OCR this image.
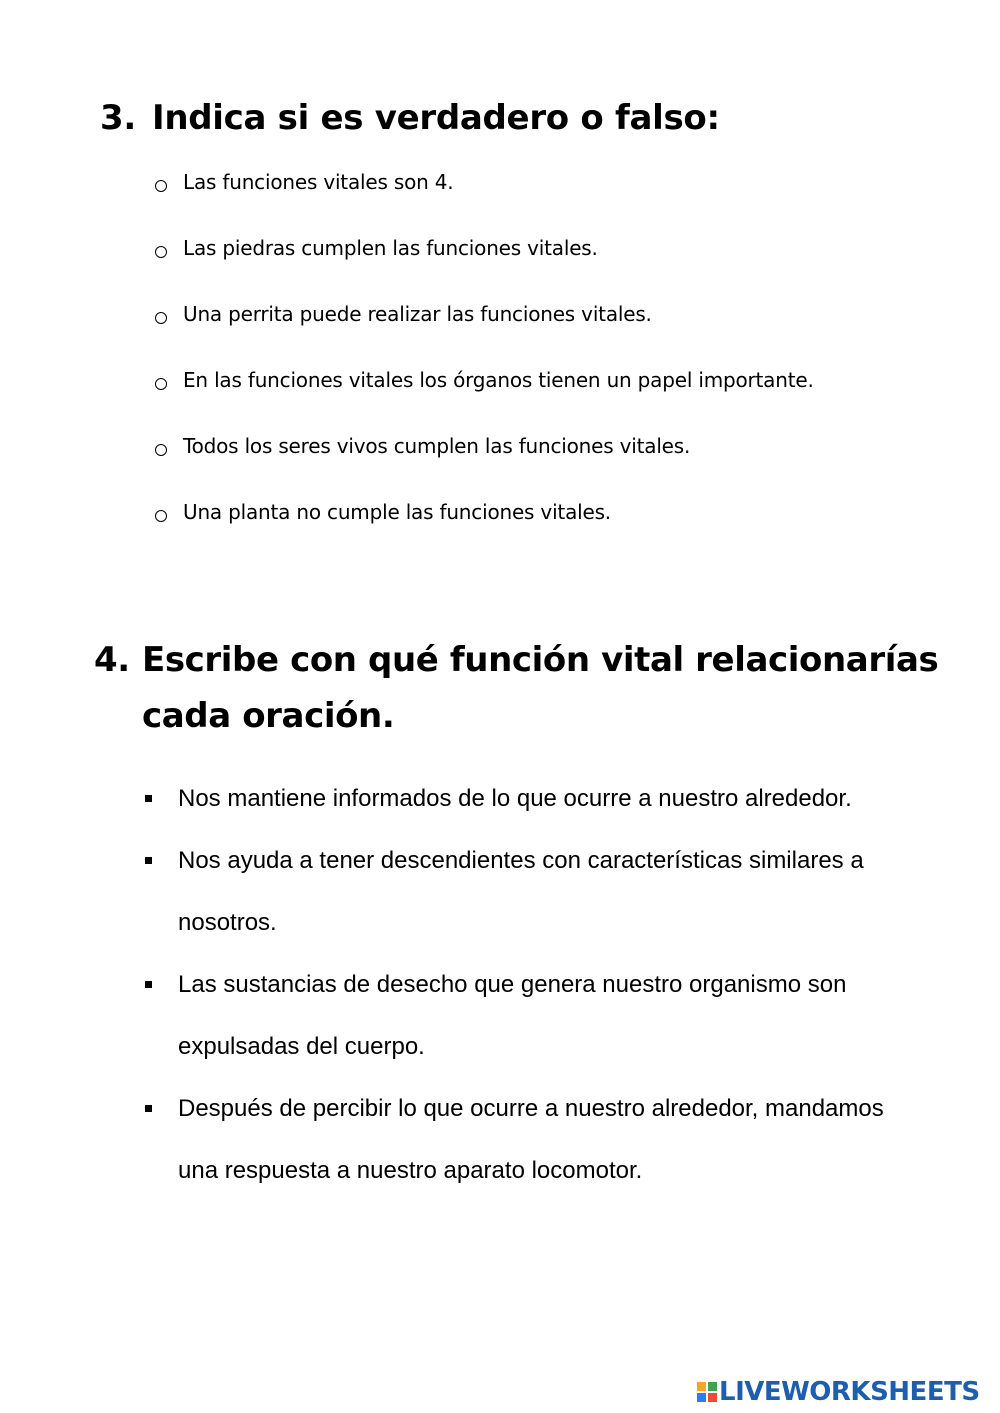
3. Indica si es verdadero o falso:
Las funciones vitales son 4.
Las piedras cumplen las funciones vitales.
Una perrita puede realizar las funciones vitales.
En las funciones vitales los órganos tienen un papel importante.
Todos los seres vivos cumplen las funciones vitales.
Una planta no cumple las funciones vitales.
4. Escribe con qué función vital relacionarías cada oración.
Nos mantiene informados de lo que ocurre a nuestro alrededor.
Nos ayuda a tener descendientes con características similares a nosotros.
Las sustancias de desecho que genera nuestro organismo son expulsadas del cuerpo.
Después de percibir lo que ocurre a nuestro alrededor, mandamos una respuesta a nuestro aparato locomotor.
LIVEWORKSHEETS
